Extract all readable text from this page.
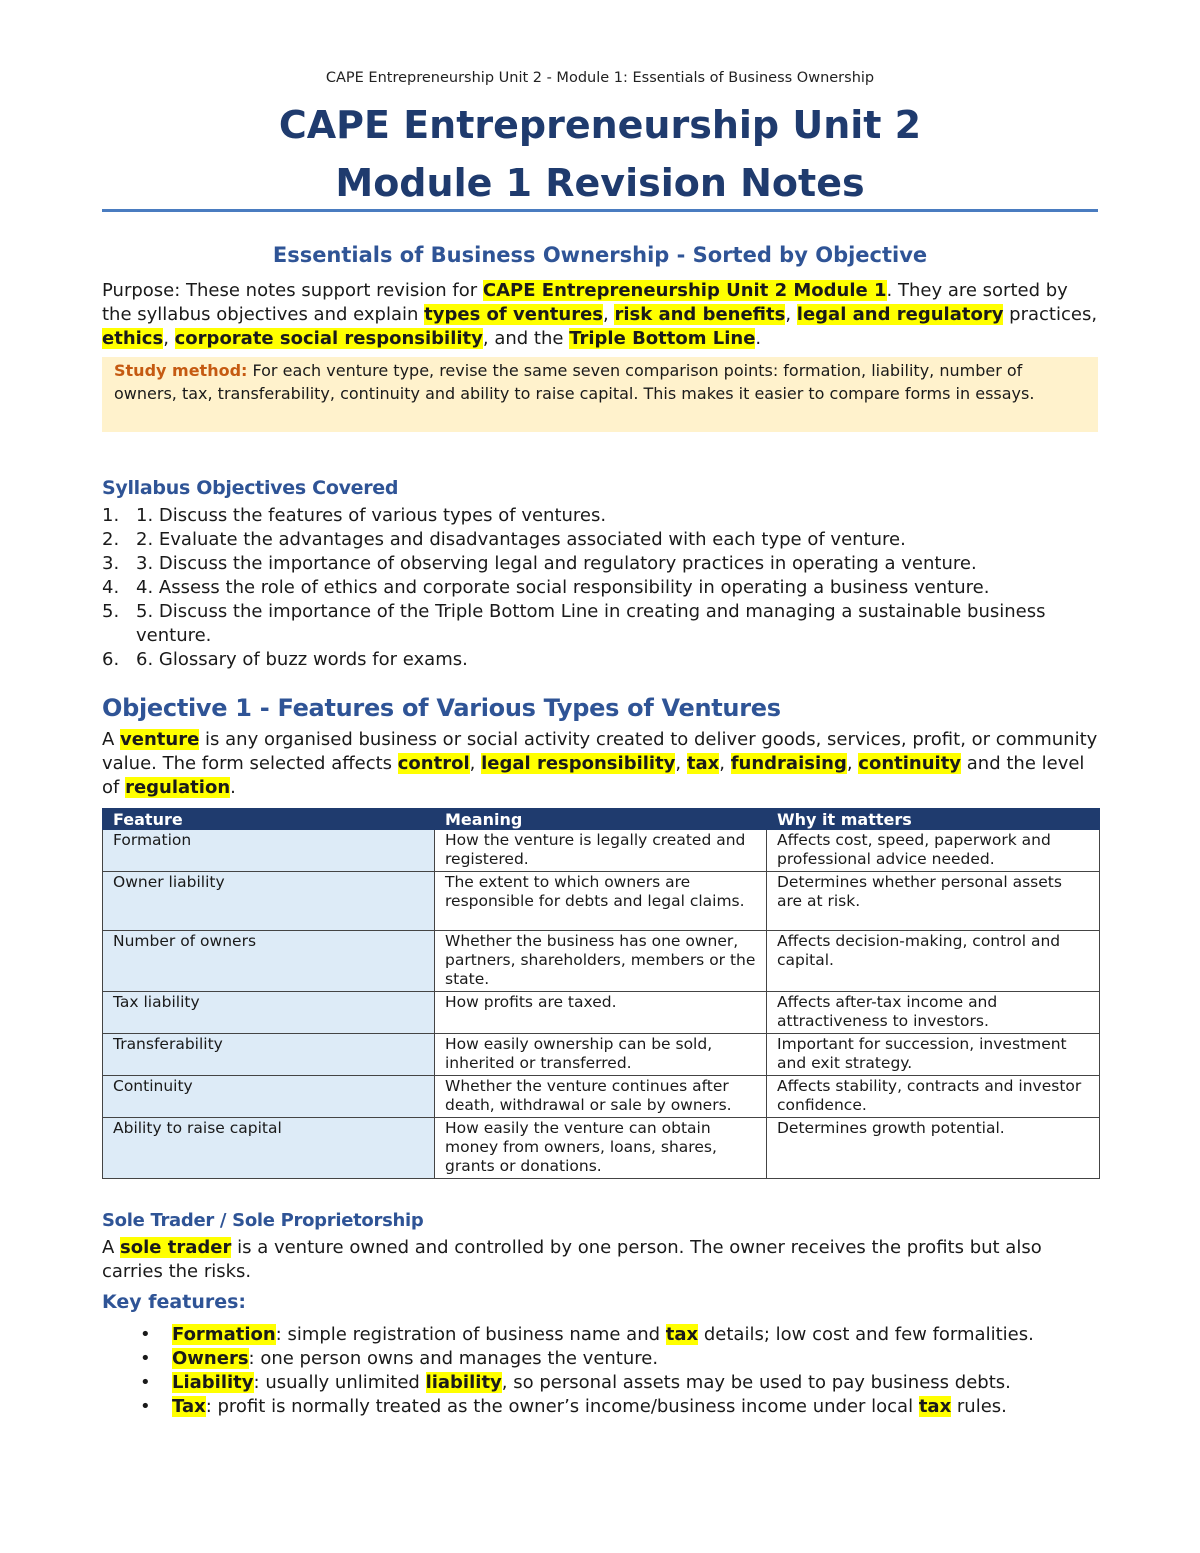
CAPE Entrepreneurship Unit 2 - Module 1: Essentials of Business Ownership
CAPE Entrepreneurship Unit 2
Module 1 Revision Notes
Essentials of Business Ownership - Sorted by Objective
Purpose: These notes support revision for CAPE Entrepreneurship Unit 2 Module 1. They are sorted by the syllabus objectives and explain types of ventures, risk and benefits, legal and regulatory practices, ethics, corporate social responsibility, and the Triple Bottom Line.
Study method: For each venture type, revise the same seven comparison points: formation, liability, number of owners, tax, transferability, continuity and ability to raise capital. This makes it easier to compare forms in essays.
Syllabus Objectives Covered
1. 1. Discuss the features of various types of ventures.
2. 2. Evaluate the advantages and disadvantages associated with each type of venture.
3. 3. Discuss the importance of observing legal and regulatory practices in operating a venture.
4. 4. Assess the role of ethics and corporate social responsibility in operating a business venture.
5. 5. Discuss the importance of the Triple Bottom Line in creating and managing a sustainable business venture.
6. 6. Glossary of buzz words for exams.
Objective 1 - Features of Various Types of Ventures
A venture is any organised business or social activity created to deliver goods, services, profit, or community value. The form selected affects control, legal responsibility, tax, fundraising, continuity and the level of regulation.
Feature	Meaning	Why it matters
Formation	How the venture is legally created and registered.	Affects cost, speed, paperwork and professional advice needed.
Owner liability	The extent to which owners are responsible for debts and legal claims.	Determines whether personal assets are at risk.
Number of owners	Whether the business has one owner, partners, shareholders, members or the state.	Affects decision-making, control and capital.
Tax liability	How profits are taxed.	Affects after-tax income and attractiveness to investors.
Transferability	How easily ownership can be sold, inherited or transferred.	Important for succession, investment and exit strategy.
Continuity	Whether the venture continues after death, withdrawal or sale by owners.	Affects stability, contracts and investor confidence.
Ability to raise capital	How easily the venture can obtain money from owners, loans, shares, grants or donations.	Determines growth potential.
Sole Trader / Sole Proprietorship
A sole trader is a venture owned and controlled by one person. The owner receives the profits but also carries the risks.
Key features:
• Formation: simple registration of business name and tax details; low cost and few formalities.
• Owners: one person owns and manages the venture.
• Liability: usually unlimited liability, so personal assets may be used to pay business debts.
• Tax: profit is normally treated as the owner’s income/business income under local tax rules.
